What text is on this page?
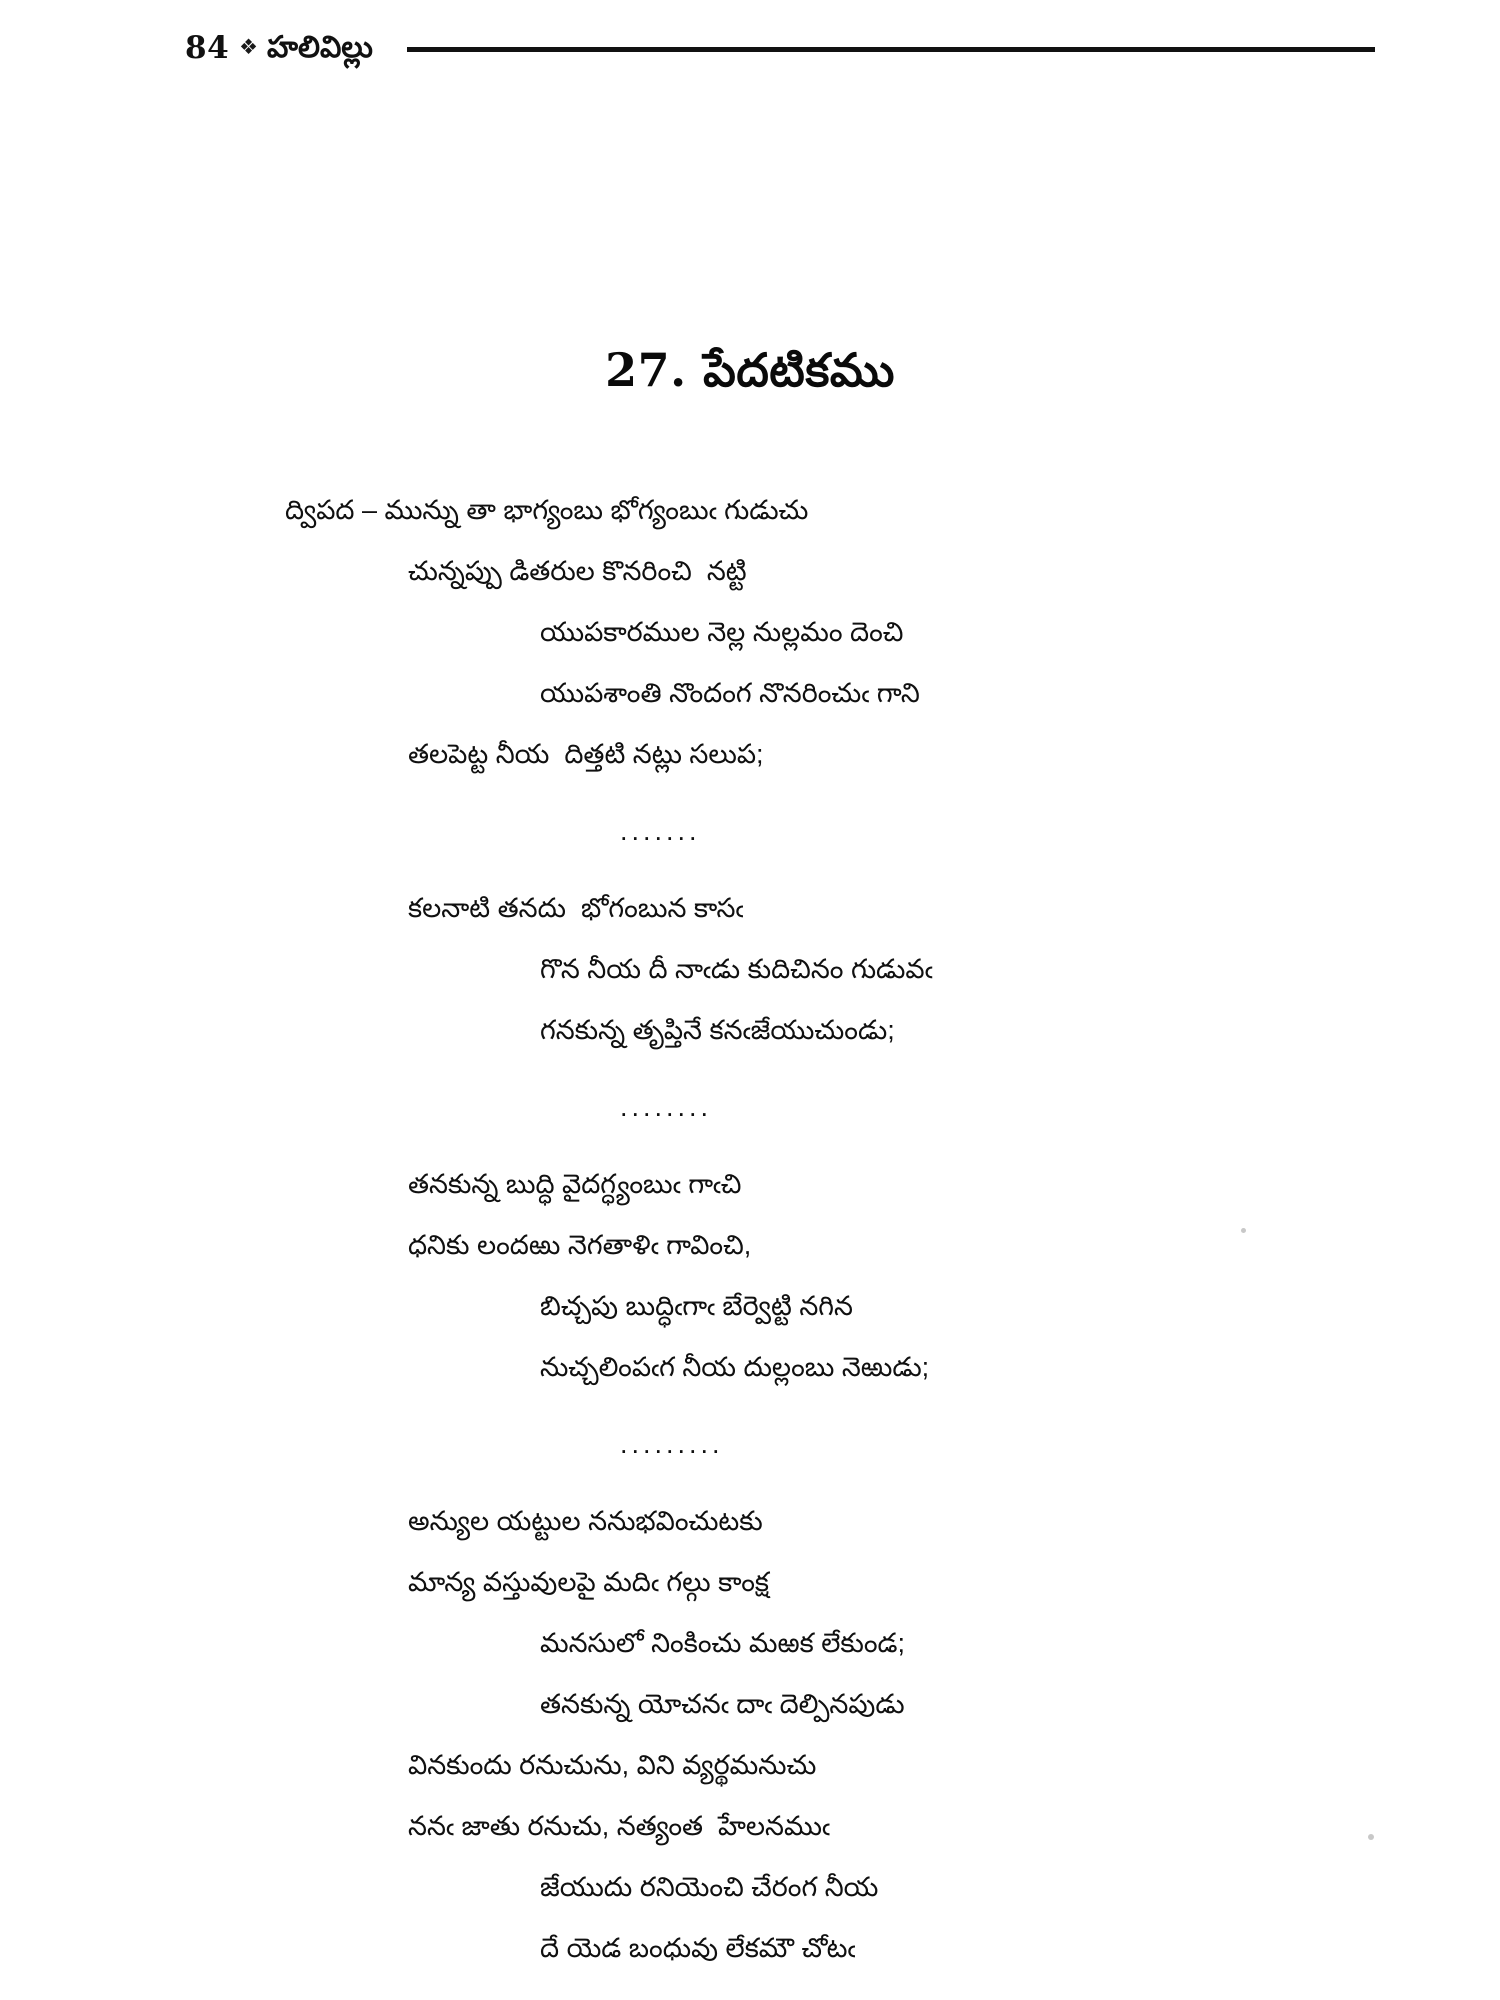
84 ❖ హలివిల్లు
27. పేదటికము
ద్విపద – మున్ను తా భాగ్యంబు భోగ్యంబుఁ గుడుచు
చున్నప్పు డితరుల కొనరించి  నట్టి
యుపకారముల నెల్ల నుల్లమం దెంచి
యుపశాంతి నొందంగ నొనరించుఁ గాని
తలపెట్ట నీయ  దిత్తటి నట్లు సలుప;
.......
కలనాటి తనదు  భోగంబున కాసఁ
గొన నీయ దీ నాఁడు కుదిచినం గుడువఁ
గనకున్న తృప్తినే కనఁజేయుచుండు;
........
తనకున్న బుద్ధి వైదగ్ధ్యంబుఁ గాఁచి
ధనికు లందఱు నెగతాళిఁ గావించి,
బిచ్చపు బుద్ధిఁగాఁ బేర్వెట్టి నగిన
నుచ్చలింపఁగ నీయ దుల్లంబు నెఱుడు;
.........
అన్యుల యట్టుల ననుభవించుటకు
మాన్య వస్తువులపై మదిఁ గల్గు కాంక్ష
మనసులో నింకించు మఱక లేకుండ;
తనకున్న యోచనఁ దాఁ దెల్పినపుడు
వినకుందు రనుచును, విని వ్యర్థమనుచు
ననఁ జాతు రనుచు, నత్యంత  హేలనముఁ
జేయుదు రనియెంచి చేరంగ నీయ
దే యెడ బంధువు లేకమౌ చోటఁ
